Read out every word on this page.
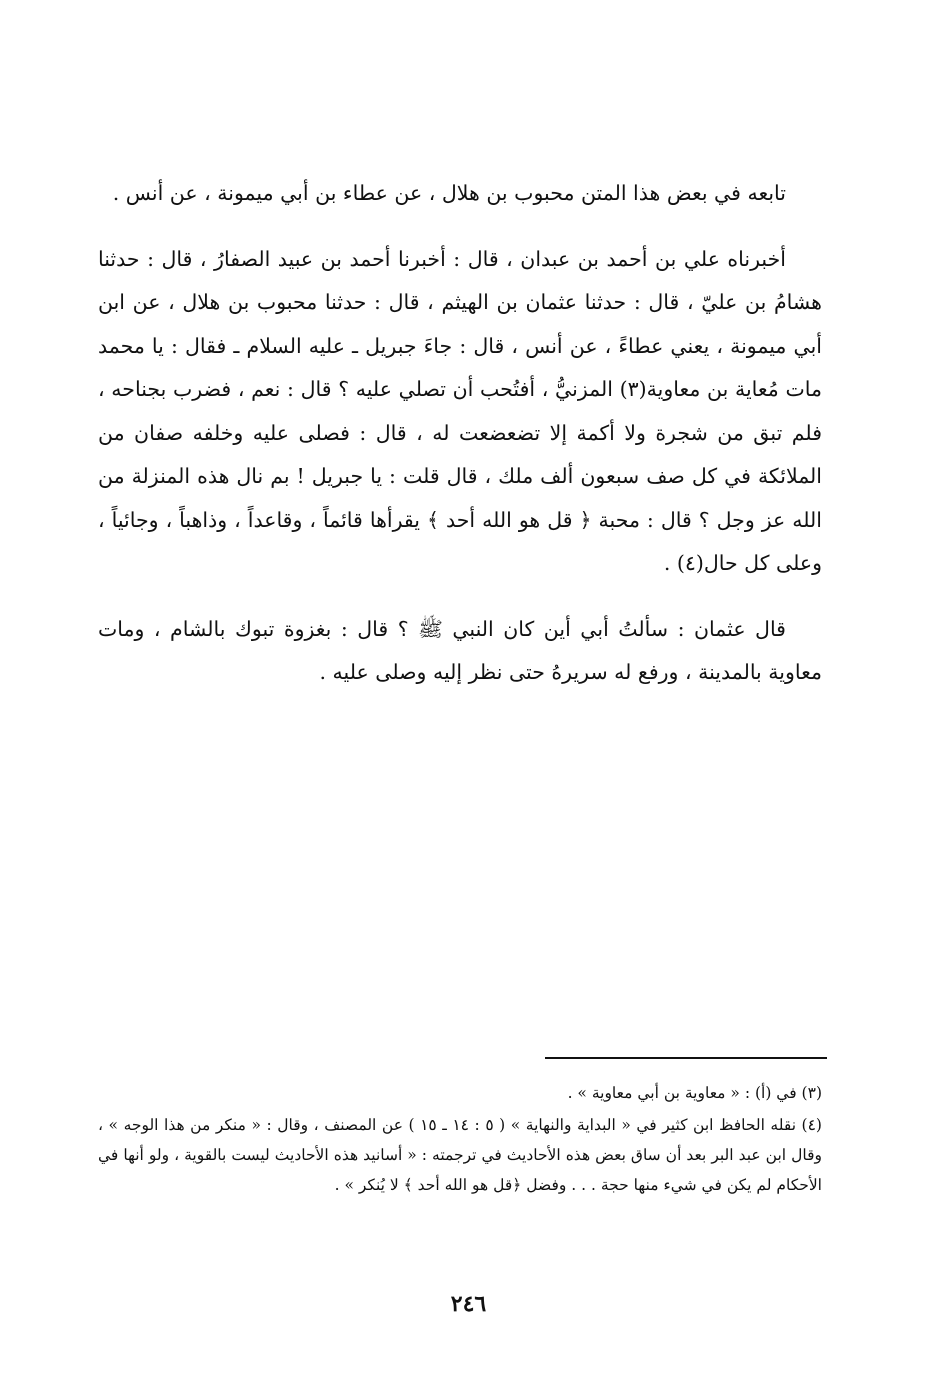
تابعه في بعض هذا المتن محبوب بن هلال ، عن عطاء بن أبي ميمونة ، عن أنس .

أخبرناه علي بن أحمد بن عبدان ، قال : أخبرنا أحمد بن عبيد الصفارُ ، قال : حدثنا هشامُ بن عليّ ، قال : حدثنا عثمان بن الهيثم ، قال : حدثنا محبوب بن هلال ، عن ابن أبي ميمونة ، يعني عطاءً ، عن أنس ، قال : جاءَ جبريل ـ عليه السلام ـ فقال : يا محمد مات مُعاية بن معاوية(٣) المزنيُّ ، أفتُحب أن تصلي عليه ؟ قال : نعم ، فضرب بجناحه ، فلم تبق من شجرة ولا أكمة إلا تضعضعت له ، قال : فصلى عليه وخلفه صفان من الملائكة في كل صف سبعون ألف ملك ، قال قلت : يا جبريل ! بم نال هذه المنزلة من الله عز وجل ؟ قال : محبة ﴿ قل هو الله أحد ﴾ يقرأها قائماً ، وقاعداً ، وذاهباً ، وجائياً ، وعلى كل حال(٤) .

قال عثمان : سألتُ أبي أين كان النبي ﷺ ؟ قال : بغزوة تبوك بالشام ، ومات معاوية بالمدينة ، ورفع له سريرهُ حتى نظر إليه وصلى عليه .

(٣) في (أ) : « معاوية بن أبي معاوية » .

(٤) نقله الحافظ ابن كثير في « البداية والنهاية » ( ٥ : ١٤ ـ ١٥ ) عن المصنف ، وقال : « منكر من هذا الوجه » ، وقال ابن عبد البر بعد أن ساق بعض هذه الأحاديث في ترجمته : « أسانيد هذه الأحاديث ليست بالقوية ، ولو أنها في الأحكام لم يكن في شيء منها حجة . . . وفضل ﴿قل هو الله أحد ﴾ لا يُنكر » .

٢٤٦
